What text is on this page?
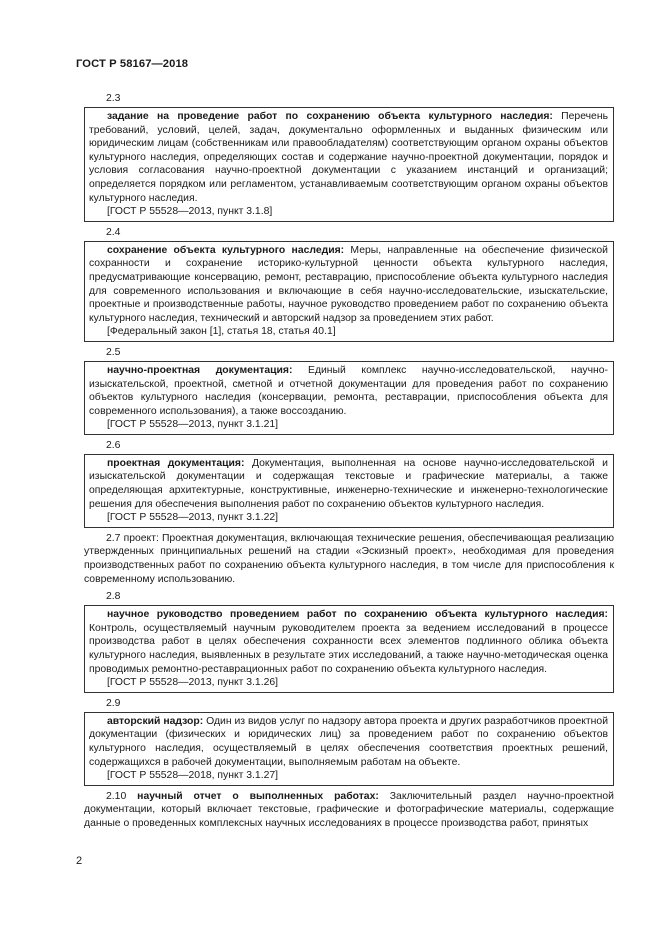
ГОСТ Р 58167—2018
2.3

задание на проведение работ по сохранению объекта культурного наследия: Перечень требований, условий, целей, задач, документально оформленных и выданных физическим или юридическим лицам (собственникам или правообладателям) соответствующим органом охраны объектов культурного наследия, определяющих состав и содержание научно-проектной документации, порядок и условия согласования научно-проектной документации с указанием инстанций и организаций; определяется порядком или регламентом, устанавливаемым соответствующим органом охраны объектов культурного наследия.

[ГОСТ Р 55528—2013, пункт 3.1.8]

2.4

сохранение объекта культурного наследия: Меры, направленные на обеспечение физической сохранности и сохранение историко-культурной ценности объекта культурного наследия, предусматривающие консервацию, ремонт, реставрацию, приспособление объекта культурного наследия для современного использования и включающие в себя научно-исследовательские, изыскательские, проектные и производственные работы, научное руководство проведением работ по сохранению объекта культурного наследия, технический и авторский надзор за проведением этих работ.

[Федеральный закон [1], статья 18, статья 40.1]

2.5

научно-проектная документация: Единый комплекс научно-исследовательской, научно-изыскательской, проектной, сметной и отчетной документации для проведения работ по сохранению объектов культурного наследия (консервации, ремонта, реставрации, приспособления объекта для современного использования), а также воссозданию.

[ГОСТ Р 55528—2013, пункт 3.1.21]

2.6

проектная документация: Документация, выполненная на основе научно-исследовательской и изыскательской документации и содержащая текстовые и графические материалы, а также определяющая архитектурные, конструктивные, инженерно-технические и инженерно-технологические решения для обеспечения выполнения работ по сохранению объектов культурного наследия.

[ГОСТ Р 55528—2013, пункт 3.1.22]

2.7 проект: Проектная документация, включающая технические решения, обеспечивающая реализацию утвержденных принципиальных решений на стадии «Эскизный проект», необходимая для проведения производственных работ по сохранению объекта культурного наследия, в том числе для приспособления к современному использованию.

2.8

научное руководство проведением работ по сохранению объекта культурного наследия: Контроль, осуществляемый научным руководителем проекта за ведением исследований в процессе производства работ в целях обеспечения сохранности всех элементов подлинного облика объекта культурного наследия, выявленных в результате этих исследований, а также научно-методическая оценка проводимых ремонтно-реставрационных работ по сохранению объекта культурного наследия.

[ГОСТ Р 55528—2013, пункт 3.1.26]

2.9

авторский надзор: Один из видов услуг по надзору автора проекта и других разработчиков проектной документации (физических и юридических лиц) за проведением работ по сохранению объектов культурного наследия, осуществляемый в целях обеспечения соответствия проектных решений, содержащихся в рабочей документации, выполняемым работам на объекте.

[ГОСТ Р 55528—2018, пункт 3.1.27]

2.10 научный отчет о выполненных работах: Заключительный раздел научно-проектной документации, который включает текстовые, графические и фотографические материалы, содержащие данные о проведенных комплексных научных исследованиях в процессе производства работ, принятых

2
